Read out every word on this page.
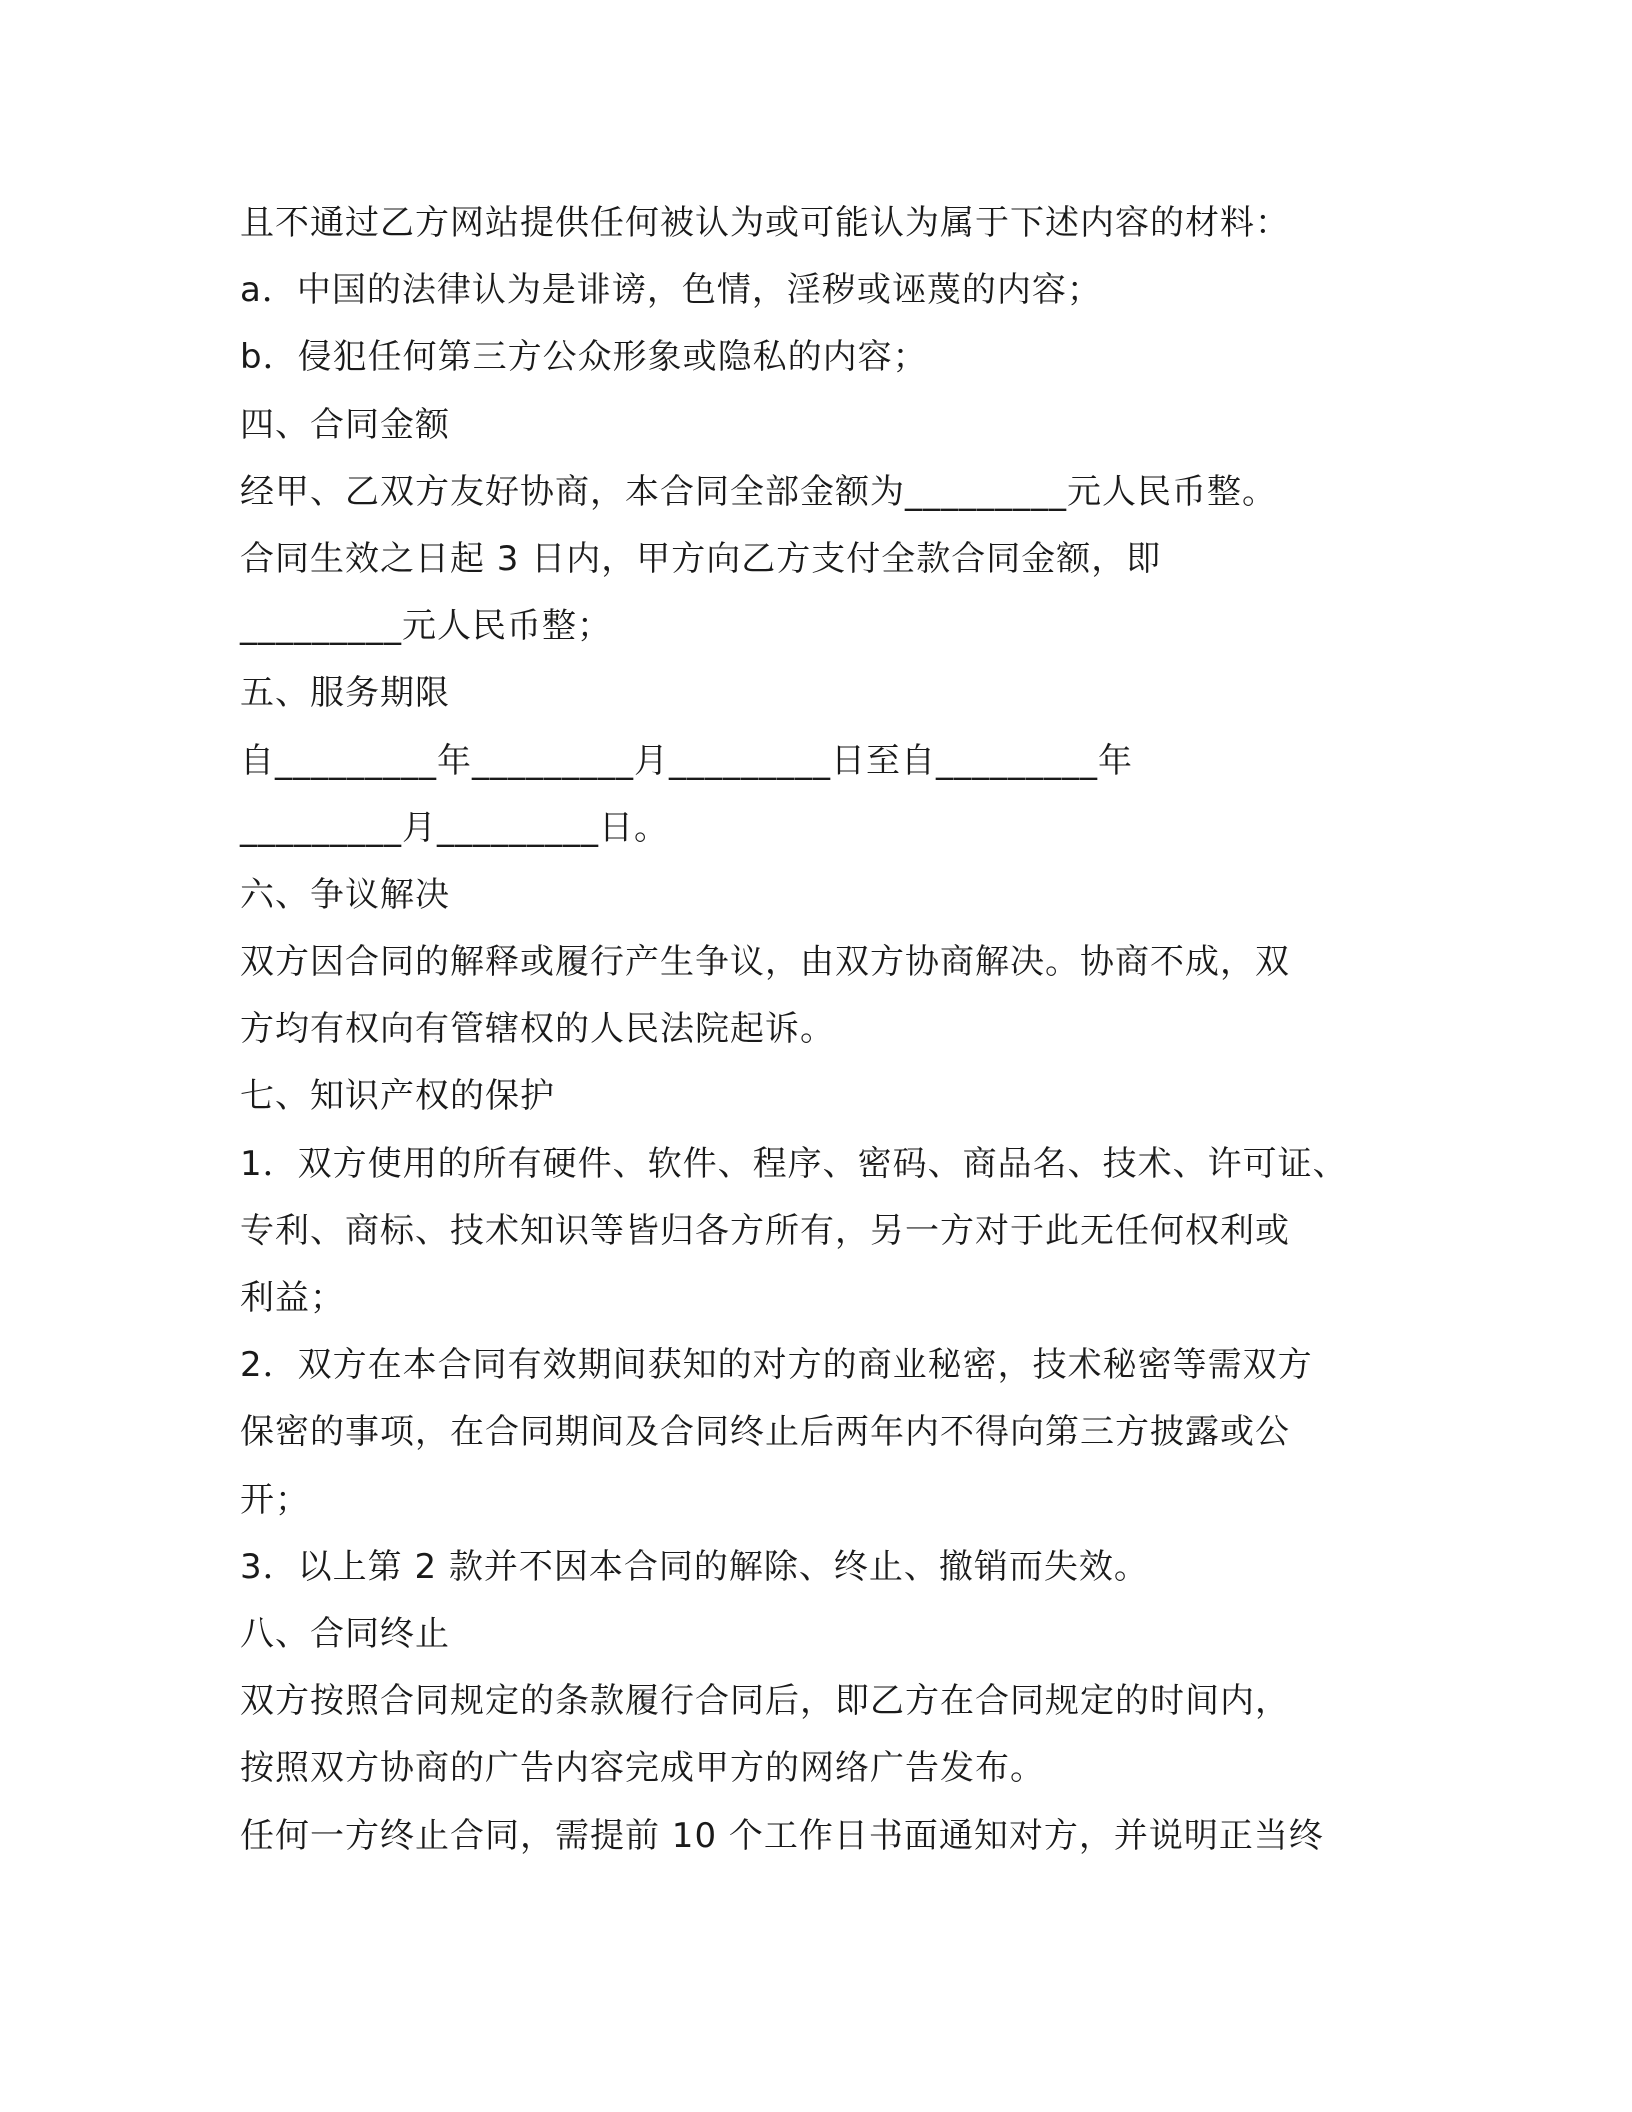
且不通过乙方网站提供任何被认为或可能认为属于下述内容的材料：
a．中国的法律认为是诽谤，色情，淫秽或诬蔑的内容；
b．侵犯任何第三方公众形象或隐私的内容；
四、合同金额
经甲、乙双方友好协商，本合同全部金额为_________元人民币整。
合同生效之日起 3 日内，甲方向乙方支付全款合同金额，即
_________元人民币整；
五、服务期限
自_________年_________月_________日至自_________年
_________月_________日。
六、争议解决
双方因合同的解释或履行产生争议，由双方协商解决。协商不成，双
方均有权向有管辖权的人民法院起诉。
七、知识产权的保护
1．双方使用的所有硬件、软件、程序、密码、商品名、技术、许可证、
专利、商标、技术知识等皆归各方所有，另一方对于此无任何权利或
利益；
2．双方在本合同有效期间获知的对方的商业秘密，技术秘密等需双方
保密的事项，在合同期间及合同终止后两年内不得向第三方披露或公
开；
3．以上第 2 款并不因本合同的解除、终止、撤销而失效。
八、合同终止
双方按照合同规定的条款履行合同后，即乙方在合同规定的时间内，
按照双方协商的广告内容完成甲方的网络广告发布。
任何一方终止合同，需提前 10 个工作日书面通知对方，并说明正当终
